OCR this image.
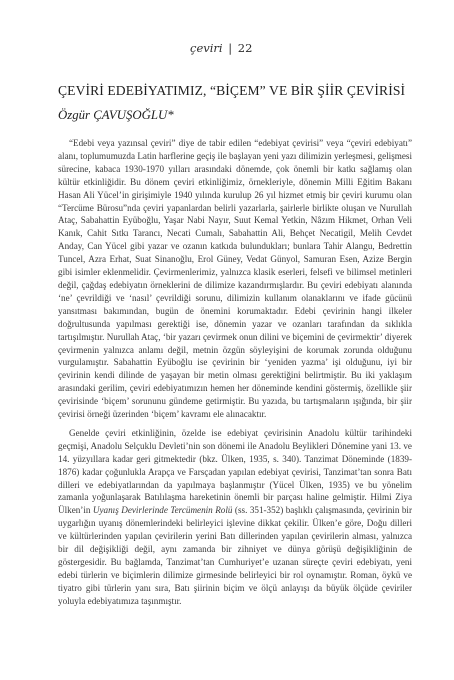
çeviri | 22
ÇEVİRİ EDEBİYATIMIZ, “BİÇEM” VE BİR ŞİİR ÇEVİRİSİ
Özgür ÇAVUŞOĞLU*

“Edebi veya yazınsal çeviri” diye de tabir edilen “edebiyat çevirisi” veya “çeviri edebiyatı” alanı, toplumumuzda Latin harflerine geçiş ile başlayan yeni yazı dilimizin yerleşmesi, gelişmesi sürecine, kabaca 1930-1970 yılları arasındaki dönemde, çok önemli bir katkı sağlamış olan kültür etkinliğidir. Bu dönem çeviri etkinliğimiz, örnekleriyle, dönemin Milli Eğitim Bakanı Hasan Ali Yücel’in girişimiyle 1940 yılında kurulup 26 yıl hizmet etmiş bir çeviri kurumu olan “Tercüme Bürosu”nda çeviri yapanlardan belirli yazarlarla, şairlerle birlikte oluşan ve Nurullah Ataç, Sabahattin Eyüboğlu, Yaşar Nabi Nayır, Suut Kemal Yetkin, Nâzım Hikmet, Orhan Veli Kanık, Cahit Sıtkı Tarancı, Necati Cumalı, Sabahattin Ali, Behçet Necatigil, Melih Cevdet Anday, Can Yücel gibi yazar ve ozanın katkıda bulundukları; bunlara Tahir Alangu, Bedrettin Tuncel, Azra Erhat, Suat Sinanoğlu, Erol Güney, Vedat Günyol, Samuran Esen, Azize Bergin gibi isimler eklenmelidir. Çevirmenlerimiz, yalnızca klasik eserleri, felsefi ve bilimsel metinleri değil, çağdaş edebiyatın örneklerini de dilimize kazandırmışlardır. Bu çeviri edebiyatı alanında ‘ne’ çevrildiği ve ‘nasıl’ çevrildiği sorunu, dilimizin kullanım olanaklarını ve ifade gücünü yansıtması bakımından, bugün de önemini korumaktadır. Edebi çevirinin hangi ilkeler doğrultusunda yapılması gerektiği ise, dönemin yazar ve ozanları tarafından da sıklıkla tartışılmıştır. Nurullah Ataç, ‘bir yazarı çevirmek onun dilini ve biçemini de çevirmektir’ diyerek çevirmenin yalnızca anlamı değil, metnin özgün söyleyişini de korumak zorunda olduğunu vurgulamıştır. Sabahattin Eyüboğlu ise çevirinin bir ‘yeniden yazma’ işi olduğunu, iyi bir çevirinin kendi dilinde de yaşayan bir metin olması gerektiğini belirtmiştir. Bu iki yaklaşım arasındaki gerilim, çeviri edebiyatımızın hemen her döneminde kendini göstermiş, özellikle şiir çevirisinde ‘biçem’ sorununu gündeme getirmiştir. Bu yazıda, bu tartışmaların ışığında, bir şiir çevirisi örneği üzerinden ‘biçem’ kavramı ele alınacaktır.

Genelde çeviri etkinliğinin, özelde ise edebiyat çevirisinin Anadolu kültür tarihindeki geçmişi, Anadolu Selçuklu Devleti’nin son dönemi ile Anadolu Beylikleri Dönemine yani 13. ve 14. yüzyıllara kadar geri gitmektedir (bkz. Ülken, 1935, s. 340). Tanzimat Döneminde (1839-1876) kadar çoğunlukla Arapça ve Farsçadan yapılan edebiyat çevirisi, Tanzimat’tan sonra Batı dilleri ve edebiyatlarından da yapılmaya başlanmıştır (Yücel Ülken, 1935) ve bu yönelim zamanla yoğunlaşarak Batılılaşma hareketinin önemli bir parçası haline gelmiştir. Hilmi Ziya Ülken’in Uyanış Devirlerinde Tercümenin Rolü (ss. 351-352) başlıklı çalışmasında, çevirinin bir uygarlığın uyanış dönemlerindeki belirleyici işlevine dikkat çekilir. Ülken’e göre, Doğu dilleri ve kültürlerinden yapılan çevirilerin yerini Batı dillerinden yapılan çevirilerin alması, yalnızca bir dil değişikliği değil, aynı zamanda bir zihniyet ve dünya görüşü değişikliğinin de göstergesidir. Bu bağlamda, Tanzimat’tan Cumhuriyet’e uzanan süreçte çeviri edebiyatı, yeni edebi türlerin ve biçimlerin dilimize girmesinde belirleyici bir rol oynamıştır. Roman, öykü ve tiyatro gibi türlerin yanı sıra, Batı şiirinin biçim ve ölçü anlayışı da büyük ölçüde çeviriler yoluyla edebiyatımıza taşınmıştır.
